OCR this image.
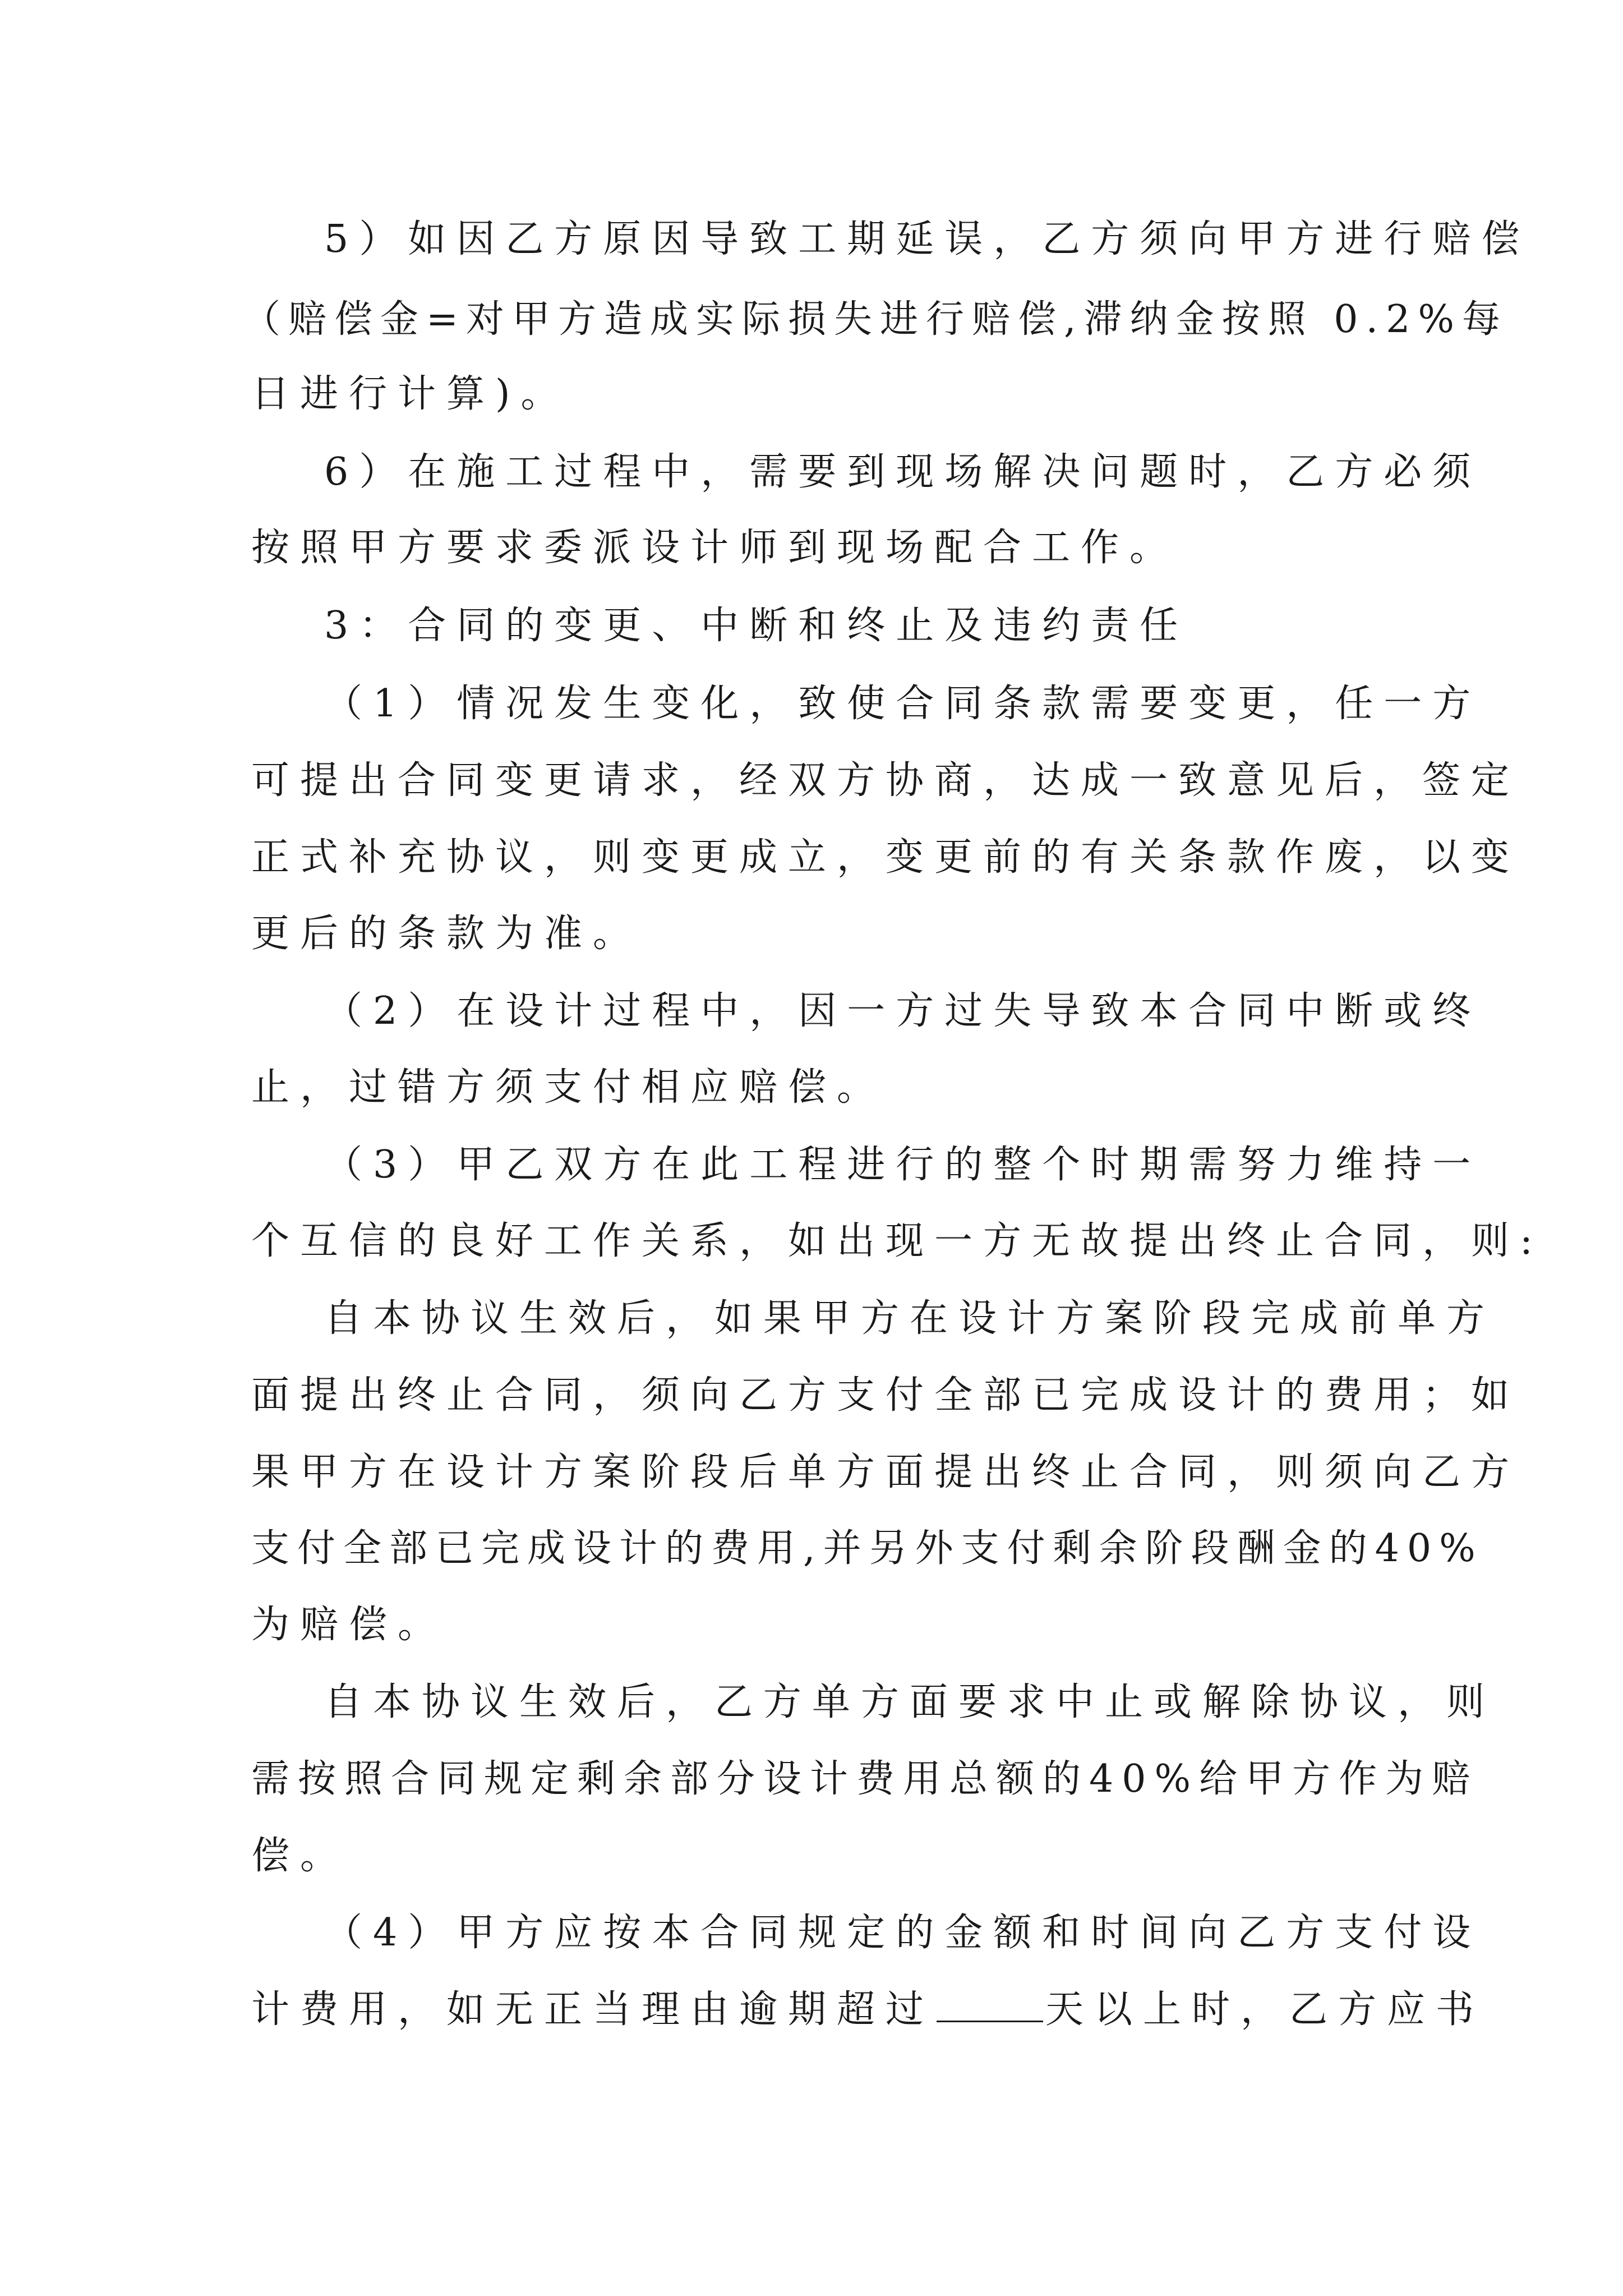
5）如因乙方原因导致工期延误，乙方须向甲方进行赔偿
（赔偿金=对甲方造成实际损失进行赔偿,滞纳金按照 0.2%每
日进行计算)。
6）在施工过程中，需要到现场解决问题时，乙方必须
按照甲方要求委派设计师到现场配合工作。
3：合同的变更、中断和终止及违约责任
（1）情况发生变化，致使合同条款需要变更，任一方
可提出合同变更请求，经双方协商，达成一致意见后，签定
正式补充协议，则变更成立，变更前的有关条款作废，以变
更后的条款为准。
（2）在设计过程中，因一方过失导致本合同中断或终
止，过错方须支付相应赔偿。
（3）甲乙双方在此工程进行的整个时期需努力维持一
个互信的良好工作关系，如出现一方无故提出终止合同，则:
自本协议生效后，如果甲方在设计方案阶段完成前单方
面提出终止合同，须向乙方支付全部已完成设计的费用；如
果甲方在设计方案阶段后单方面提出终止合同，则须向乙方
支付全部已完成设计的费用,并另外支付剩余阶段酬金的40%
为赔偿。
自本协议生效后，乙方单方面要求中止或解除协议，则
需按照合同规定剩余部分设计费用总额的40%给甲方作为赔
偿。
（4）甲方应按本合同规定的金额和时间向乙方支付设
计费用，如无正当理由逾期超过	天以上时，乙方应书
